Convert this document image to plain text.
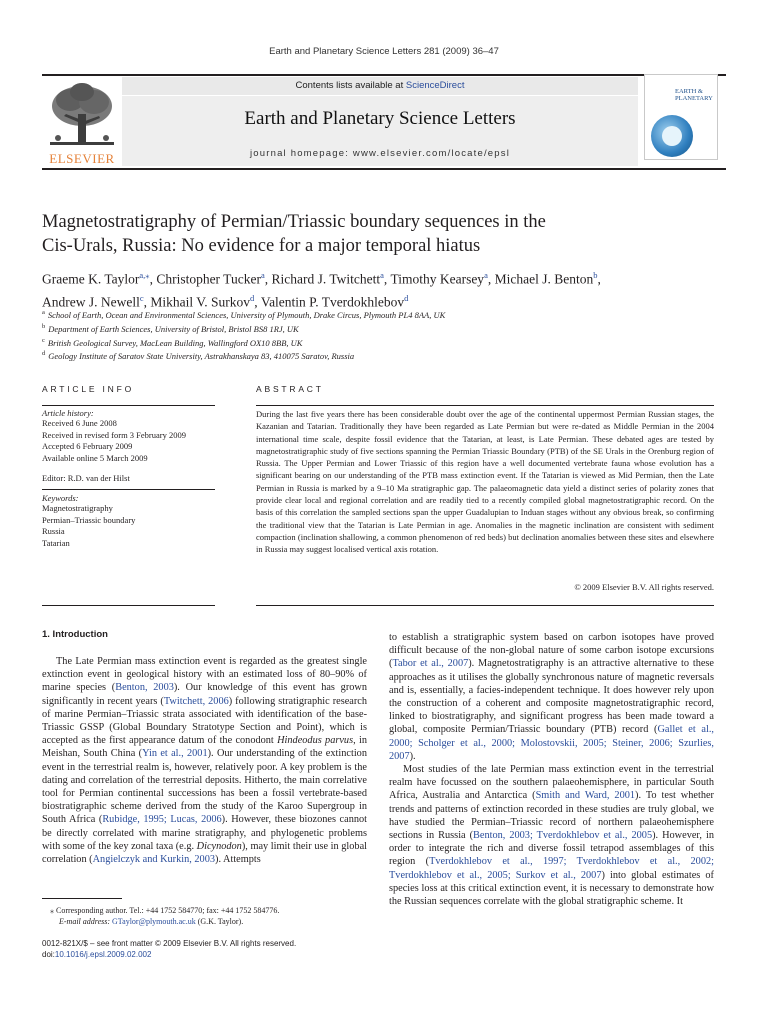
Earth and Planetary Science Letters 281 (2009) 36–47
Contents lists available at ScienceDirect
Earth and Planetary Science Letters
journal homepage: www.elsevier.com/locate/epsl
ELSEVIER
EARTH & PLANETARY
Magnetostratigraphy of Permian/Triassic boundary sequences in the
Cis-Urals, Russia: No evidence for a major temporal hiatus
Graeme K. Taylor$^{a,⁎}$, Christopher Tucker$^a$, Richard J. Twitchett$^a$, Timothy Kearsey$^a$, Michael J. Benton$^b$,
Andrew J. Newell$^c$, Mikhail V. Surkov$^d$, Valentin P. Tverdokhlebov$^d$
$^a$ School of Earth, Ocean and Environmental Sciences, University of Plymouth, Drake Circus, Plymouth PL4 8AA, UK
$^b$ Department of Earth Sciences, University of Bristol, Bristol BS8 1RJ, UK
$^c$ British Geological Survey, MacLean Building, Wallingford OX10 8BB, UK
$^d$ Geology Institute of Saratov State University, Astrakhanskaya 83, 410075 Saratov, Russia
ARTICLE INFO
Article history:
Received 6 June 2008
Received in revised form 3 February 2009
Accepted 6 February 2009
Available online 5 March 2009
Editor: R.D. van der Hilst
Keywords:
Magnetostratigraphy
Permian–Triassic boundary
Russia
Tatarian
ABSTRACT
During the last five years there has been considerable doubt over the age of the continental uppermost Permian Russian stages, the Kazanian and Tatarian. Traditionally they have been regarded as Late Permian but were re-dated as Middle Permian in the 2004 international time scale, despite fossil evidence that the Tatarian, at least, is Late Permian. These debated ages are tested by magnetostratigraphic study of five sections spanning the Permian Triassic Boundary (PTB) of the SE Urals in the Orenburg region of Russia. The Upper Permian and Lower Triassic of this region have a well documented vertebrate fauna whose evolution has a significant bearing on our understanding of the PTB mass extinction event. If the Tatarian is viewed as Mid Permian, then the Late Permian in Russia is marked by a 9–10 Ma stratigraphic gap. The palaeomagnetic data yield a distinct series of polarity zones that provide clear local and regional correlation and are readily tied to a recently compiled global magnetostratigraphic record. On the basis of this correlation the sampled sections span the upper Guadalupian to Induan stages without any obvious break, so confirming the traditional view that the Tatarian is Late Permian in age. Anomalies in the magnetic inclination are consistent with sediment compaction (inclination shallowing, a common phenomenon of red beds) but declination anomalies between these sites and elsewhere in Russia may suggest localised vertical axis rotation.
© 2009 Elsevier B.V. All rights reserved.
1. Introduction

The Late Permian mass extinction event is regarded as the greatest single extinction event in geological history with an estimated loss of 80–90% of marine species (Benton, 2003). Our knowledge of this event has grown significantly in recent years (Twitchett, 2006) following stratigraphic research of marine Permian–Triassic strata associated with identification of the base-Triassic GSSP (Global Boundary Stratotype Section and Point), which is accepted as the first appearance datum of the conodont Hindeodus parvus, in Meishan, South China (Yin et al., 2001). Our understanding of the extinction event in the terrestrial realm is, however, relatively poor. A key problem is the dating and correlation of the terrestrial deposits. Hitherto, the main correlative tool for Permian continental successions has been a fossil vertebrate-based biostratigraphic scheme derived from the study of the Karoo Supergroup in South Africa (Rubidge, 1995; Lucas, 2006). However, these biozones cannot be directly correlated with marine stratigraphy, and phylogenetic problems with some of the key zonal taxa (e.g. Dicynodon), may limit their use in global correlation (Angielczyk and Kurkin, 2003). Attempts

to establish a stratigraphic system based on carbon isotopes have proved difficult because of the non-global nature of some carbon isotope excursions (Tabor et al., 2007). Magnetostratigraphy is an attractive alternative to these approaches as it utilises the globally synchronous nature of magnetic reversals and is, essentially, a facies-independent technique. It does however rely upon the construction of a coherent and composite magnetostratigraphic record, linked to biostratigraphy, and significant progress has been made toward a global, composite Permian/Triassic boundary (PTB) record (Gallet et al., 2000; Scholger et al., 2000; Molostovskii, 2005; Steiner, 2006; Szurlies, 2007).

Most studies of the late Permian mass extinction event in the terrestrial realm have focussed on the southern palaeohemisphere, in particular South Africa, Australia and Antarctica (Smith and Ward, 2001). To test whether trends and patterns of extinction recorded in these studies are truly global, we have studied the Permian–Triassic record of northern palaeohemisphere sections in Russia (Benton, 2003; Tverdokhlebov et al., 2005). However, in order to integrate the rich and diverse fossil tetrapod assemblages of this region (Tverdokhlebov et al., 1997; Tverdokhlebov et al., 2002; Tverdokhlebov et al., 2005; Surkov et al., 2007) into global estimates of species loss at this critical extinction event, it is necessary to demonstrate how the Russian sequences correlate with the global stratigraphic scheme. It

⁎ Corresponding author. Tel.: +44 1752 584770; fax: +44 1752 584776.
E-mail address: GTaylor@plymouth.ac.uk (G.K. Taylor).
0012-821X/$ – see front matter © 2009 Elsevier B.V. All rights reserved.
doi:10.1016/j.epsl.2009.02.002
